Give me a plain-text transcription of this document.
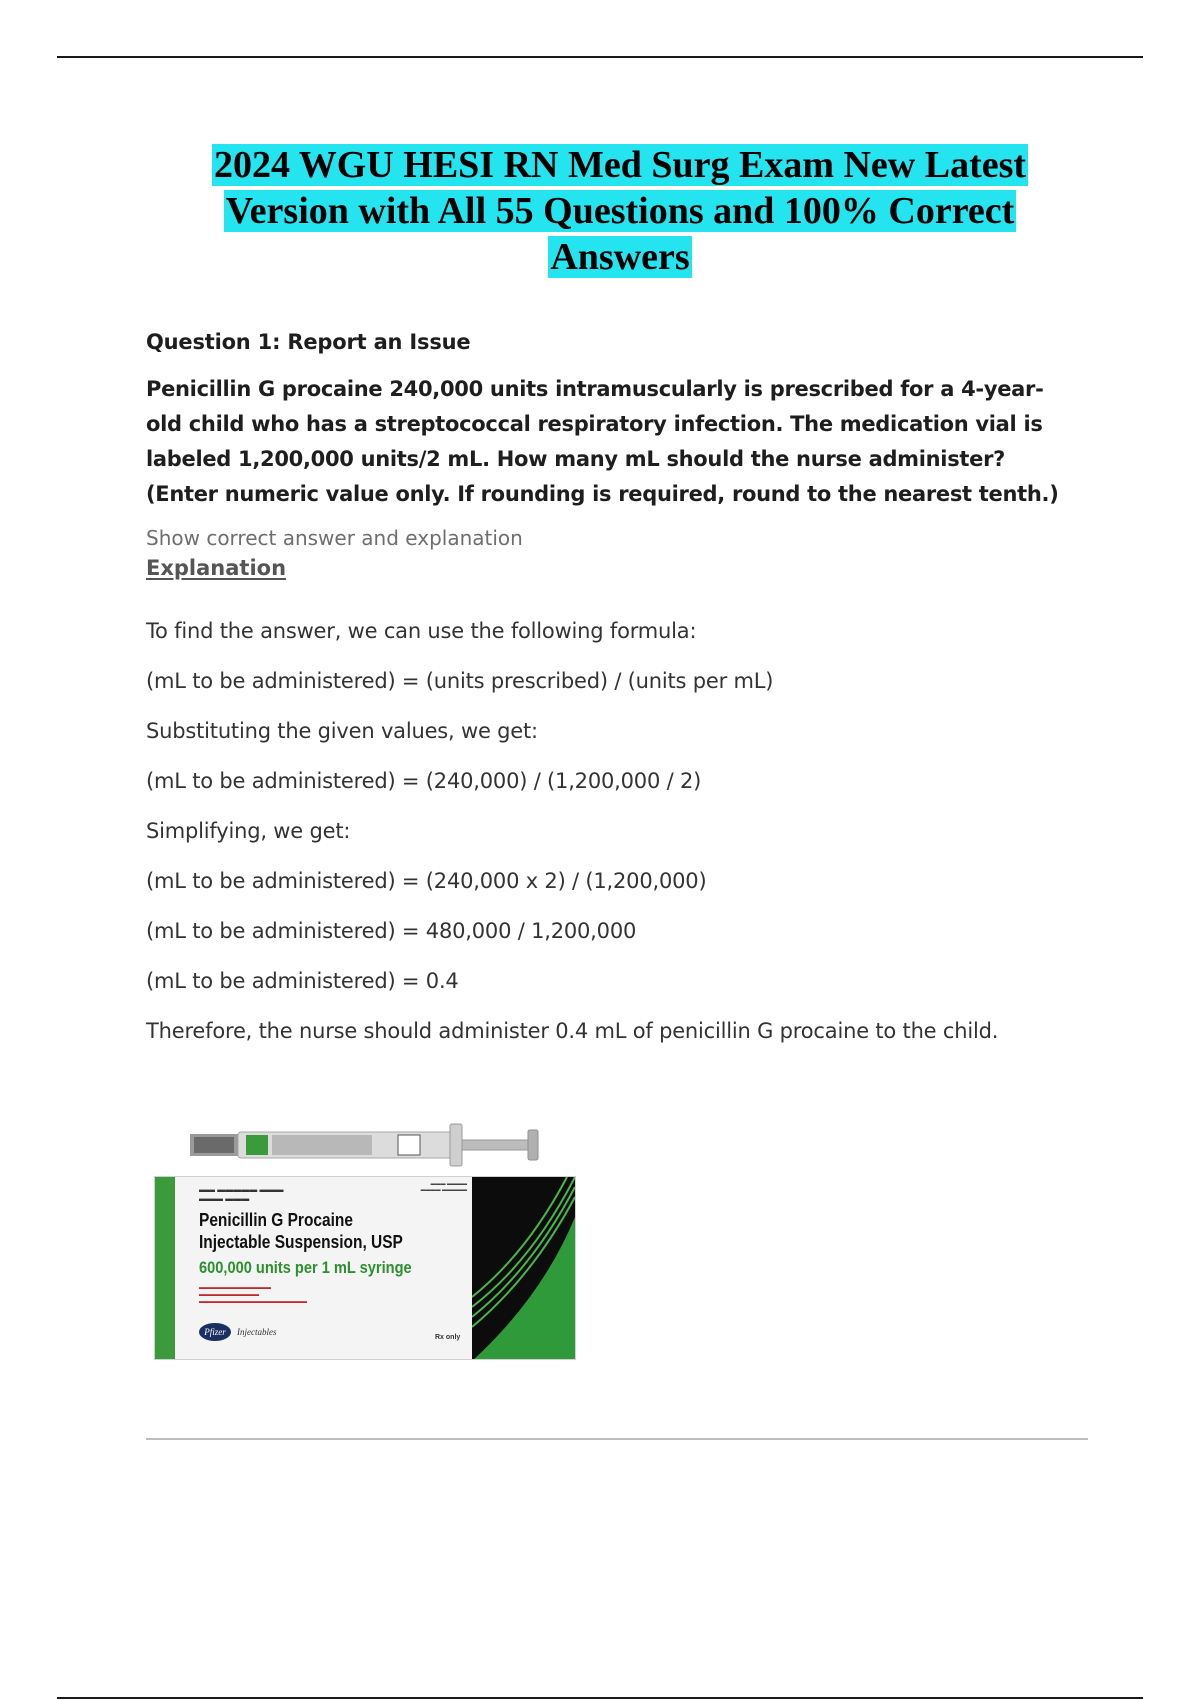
2024 WGU HESI RN Med Surg Exam New Latest
Version with All 55 Questions and 100% Correct
Answers
Question 1: Report an Issue
Penicillin G procaine 240,000 units intramuscularly is prescribed for a 4-year-
old child who has a streptococcal respiratory infection. The medication vial is
labeled 1,200,000 units/2 mL. How many mL should the nurse administer?
(Enter numeric value only. If rounding is required, round to the nearest tenth.)
Show correct answer and explanation
Explanation

To find the answer, we can use the following formula:

(mL to be administered) = (units prescribed) / (units per mL)

Substituting the given values, we get:

(mL to be administered) = (240,000) / (1,200,000 / 2)

Simplifying, we get:

(mL to be administered) = (240,000 x 2) / (1,200,000)

(mL to be administered) = 480,000 / 1,200,000

(mL to be administered) = 0.4

Therefore, the nurse should administer 0.4 mL of penicillin G procaine to the child.

▬▬ ▬▬▬▬▬ ▬▬▬
▬▬▬ ▬▬▬
Penicillin G Procaine
Injectable Suspension, USP
600,000 units per 1 mL syringe
▬▬▬▬▬▬▬▬▬▬▬▬
▬▬▬▬▬▬▬▬▬▬
▬▬▬▬▬▬▬▬▬▬▬▬▬▬▬▬▬▬
▬▬▬ ▬▬▬▬
▬▬▬▬ ▬▬▬▬▬
Pfizer	Injectables
Rx only
